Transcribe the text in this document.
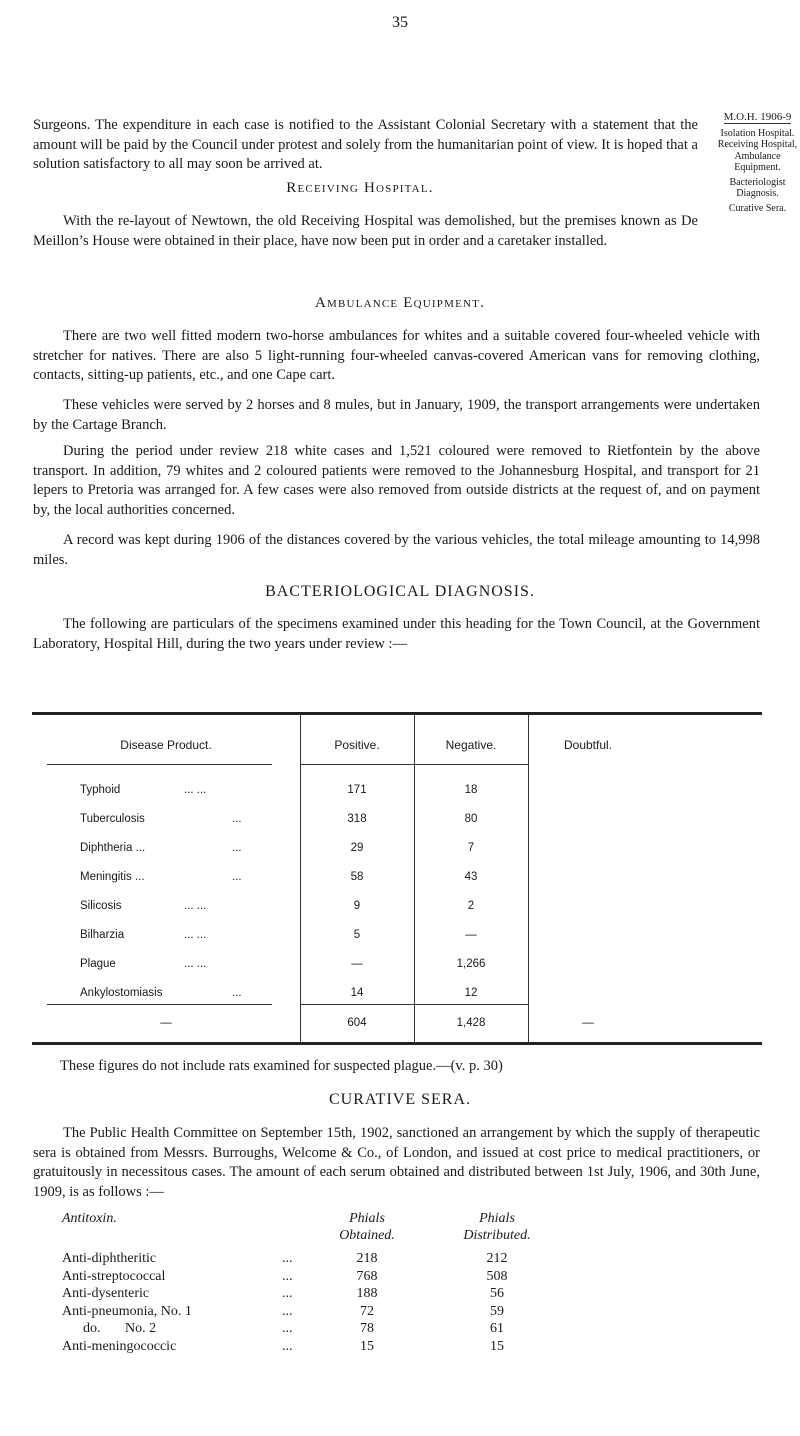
35
M.O.H. 1906-9
Isolation Hospital.
Receiving Hospital,
Ambulance Equipment.
Bacteriologist Diagnosis.
Curative Sera.
Surgeons. The expenditure in each case is notified to the Assistant Colonial Secretary with a statement that the amount will be paid by the Council under protest and solely from the humanitarian point of view. It is hoped that a solution satisfactory to all may soon be arrived at.
Receiving Hospital.
With the re-layout of Newtown, the old Receiving Hospital was demolished, but the premises known as De Meillon’s House were obtained in their place, have now been put in order and a caretaker installed.
Ambulance Equipment.
There are two well fitted modern two-horse ambulances for whites and a suitable covered four-wheeled vehicle with stretcher for natives. There are also 5 light-running four-wheeled canvas-covered American vans for removing clothing, contacts, sitting-up patients, etc., and one Cape cart.
These vehicles were served by 2 horses and 8 mules, but in January, 1909, the transport arrangements were undertaken by the Cartage Branch.
During the period under review 218 white cases and 1,521 coloured were removed to Rietfontein by the above transport. In addition, 79 whites and 2 coloured patients were removed to the Johannesburg Hospital, and transport for 21 lepers to Pretoria was arranged for. A few cases were also removed from outside districts at the request of, and on payment by, the local authorities concerned.
A record was kept during 1906 of the distances covered by the various vehicles, the total mileage amounting to 14,998 miles.
BACTERIOLOGICAL DIAGNOSIS.
The following are particulars of the specimens examined under this heading for the Town Council, at the Government Laboratory, Hospital Hill, during the two years under review :—
Disease Product.	Positive.	Negative.	Doubtful.
Typhoid	... ...	171	18
Tuberculosis	...	318	80
Diphtheria ...	...	29	7
Meningitis ...	...	58	43
Silicosis	... ...	9	2
Bilharzia	... ...	5	—
Plague	... ...	—	1,266
Ankylostomiasis	...	14	12
—	604	1,428	—
These figures do not include rats examined for suspected plague.—(v. p. 30)
CURATIVE SERA.
The Public Health Committee on September 15th, 1902, sanctioned an arrangement by which the supply of therapeutic sera is obtained from Messrs. Burroughs, Welcome & Co., of London, and issued at cost price to medical practitioners, or gratuitously in necessitous cases. The amount of each serum obtained and distributed between 1st July, 1906, and 30th June, 1909, is as follows :—
Antitoxin.	Phials
Obtained.
Phials
Distributed.
Anti-diphtheritic	...	218	212
Anti-streptococcal	...	768	508
Anti-dysenteric	...	188	56
Anti-pneumonia, No. 1	...	72	59
do.       No. 2	...	78	61
Anti-meningococcic	...	15	15
